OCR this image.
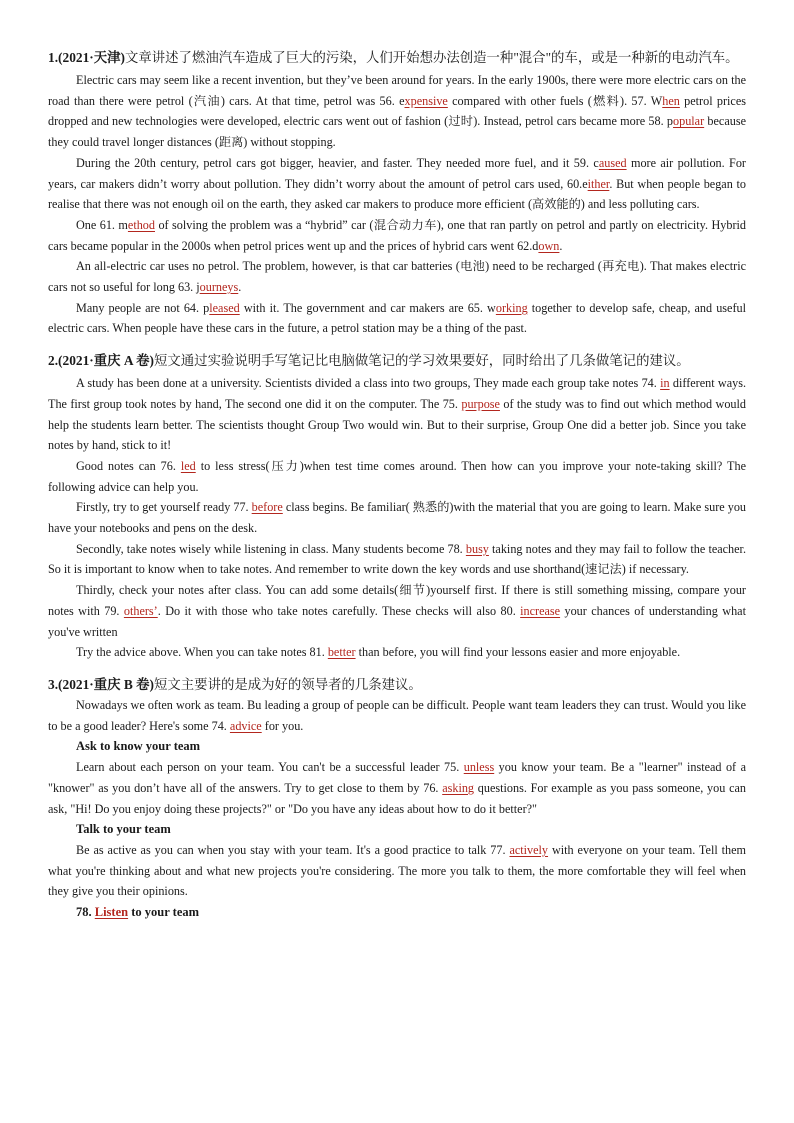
1.(2021·天津)文章讲述了燃油汽车造成了巨大的污染，人们开始想办法创造一种"混合"的车，或是一种新的电动汽车。

Electric cars may seem like a recent invention, but they’ve been around for years. In the early 1900s, there were more electric cars on the road than there were petrol (汽油) cars. At that time, petrol was 56. expensive compared with other fuels (燃料). 57. When petrol prices dropped and new technologies were developed, electric cars went out of fashion (过时). Instead, petrol cars became more 58. popular because they could travel longer distances (距离) without stopping.

During the 20th century, petrol cars got bigger, heavier, and faster. They needed more fuel, and it 59. caused more air pollution. For years, car makers didn’t worry about pollution. They didn’t worry about the amount of petrol cars used, 60.either. But when people began to realise that there was not enough oil on the earth, they asked car makers to produce more efficient (高效能的) and less polluting cars.

One 61. method of solving the problem was a “hybrid” car (混合动力车), one that ran partly on petrol and partly on electricity. Hybrid cars became popular in the 2000s when petrol prices went up and the prices of hybrid cars went 62.down.

An all-electric car uses no petrol. The problem, however, is that car batteries (电池) need to be recharged (再充电). That makes electric cars not so useful for long 63. journeys.

Many people are not 64. pleased with it. The government and car makers are 65. working together to develop safe, cheap, and useful electric cars. When people have these cars in the future, a petrol station may be a thing of the past.

2.(2021·重庆 A 卷)短文通过实验说明手写笔记比电脑做笔记的学习效果要好，同时给出了几条做笔记的建议。

A study has been done at a university. Scientists divided a class into two groups, They made each group take notes 74. in different ways. The first group took notes by hand, The second one did it on the computer. The 75. purpose of the study was to find out which method would help the students learn better. The scientists thought Group Two would win. But to their surprise, Group One did a better job. Since you take notes by hand, stick to it!

Good notes can 76. led to less stress(压力)when test time comes around. Then how can you improve your note-taking skill? The following advice can help you.

Firstly, try to get yourself ready 77. before class begins. Be familiar( 熟悉的)with the material that you are going to learn. Make sure you have your notebooks and pens on the desk.

Secondly, take notes wisely while listening in class. Many students become 78. busy taking notes and they may fail to follow the teacher. So it is important to know when to take notes. And remember to write down the key words and use shorthand(速记法) if necessary.

Thirdly, check your notes after class. You can add some details(细节)yourself first. If there is still something missing, compare your notes with 79. others’. Do it with those who take notes carefully. These checks will also 80. increase your chances of understanding what you've written

Try the advice above. When you can take notes 81. better than before, you will find your lessons easier and more enjoyable.

3.(2021·重庆 B 卷)短文主要讲的是成为好的领导者的几条建议。

Nowadays we often work as team. Bu leading a group of people can be difficult. People want team leaders they can trust. Would you like to be a good leader? Here's some 74. advice for you.

Ask to know your team

Learn about each person on your team. You can't be a successful leader 75. unless you know your team. Be a "learner" instead of a "knower" as you don’t have all of the answers. Try to get close to them by 76. asking questions. For example as you pass someone, you can ask, "Hi! Do you enjoy doing these projects?" or "Do you have any ideas about how to do it better?"

Talk to your team

Be as active as you can when you stay with your team. It's a good practice to talk 77. actively with everyone on your team. Tell them what you're thinking about and what new projects you're considering. The more you talk to them, the more comfortable they will feel when they give you their opinions.

78. Listen to your team
